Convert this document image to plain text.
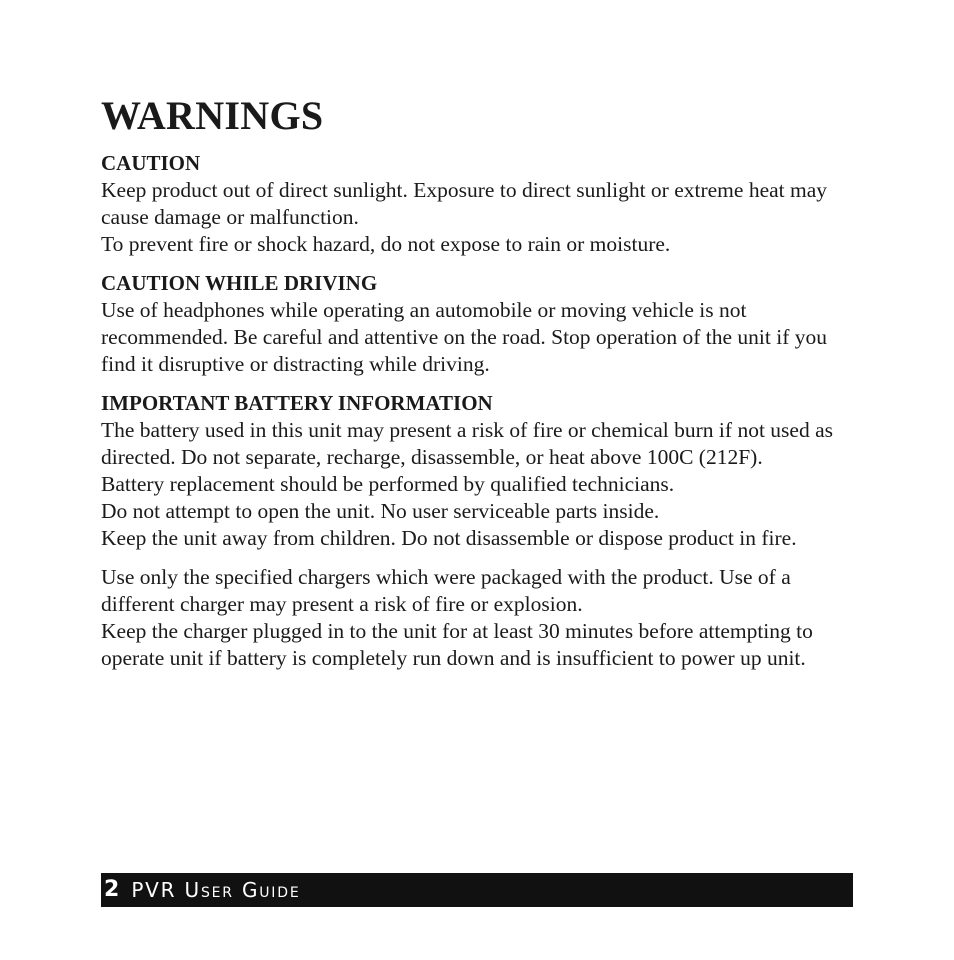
WARNINGS
CAUTION

Keep product out of direct sunlight. Exposure to direct sunlight or extreme heat may cause damage or malfunction.

To prevent fire or shock hazard, do not expose to rain or moisture.

CAUTION WHILE DRIVING

Use of headphones while operating an automobile or moving vehicle is not recommended. Be careful and attentive on the road. Stop operation of the unit if you find it disruptive or distracting while driving.

IMPORTANT BATTERY INFORMATION

The battery used in this unit may present a risk of fire or chemical burn if not used as directed. Do not separate, recharge, disassemble, or heat above 100C (212F).

Battery replacement should be performed by qualified technicians.

Do not attempt to open the unit. No user serviceable parts inside.

Keep the unit away from children. Do not disassemble or dispose product in fire.

Use only the specified chargers which were packaged with the product. Use of a different charger may present a risk of fire or explosion.

Keep the charger plugged in to the unit for at least 30 minutes before attempting to operate unit if battery is completely run down and is insufficient to power up unit.

2 PVR User Guide
